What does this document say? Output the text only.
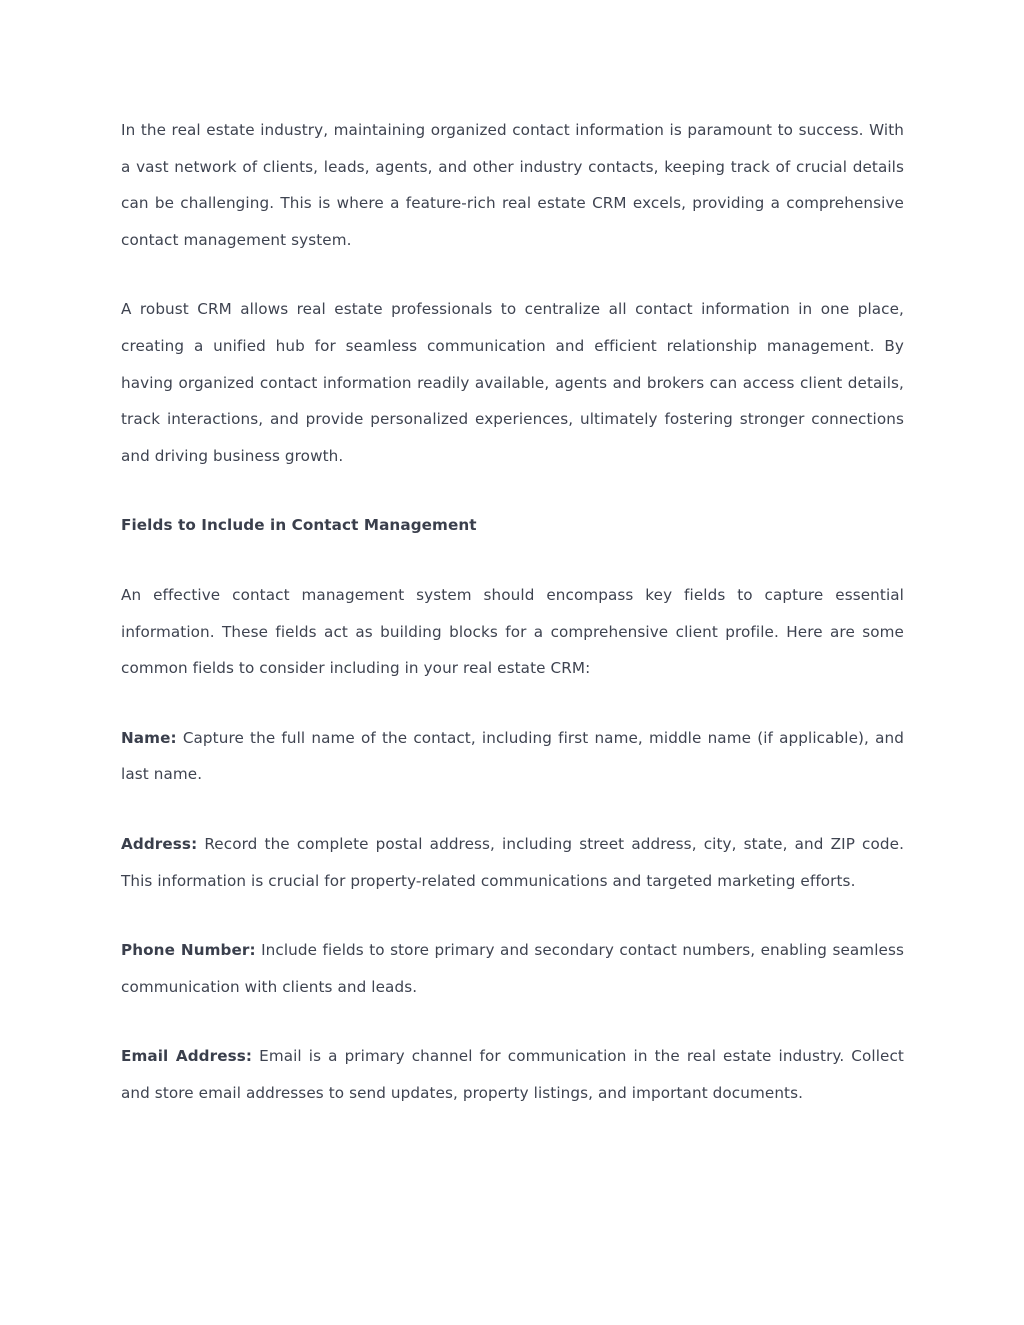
In the real estate industry, maintaining organized contact information is paramount to success. With a vast network of clients, leads, agents, and other industry contacts, keeping track of crucial details can be challenging. This is where a feature-rich real estate CRM excels, providing a comprehensive contact management system.

A robust CRM allows real estate professionals to centralize all contact information in one place, creating a unified hub for seamless communication and efficient relationship management. By having organized contact information readily available, agents and brokers can access client details, track interactions, and provide personalized experiences, ultimately fostering stronger connections and driving business growth.

Fields to Include in Contact Management

An effective contact management system should encompass key fields to capture essential information. These fields act as building blocks for a comprehensive client profile. Here are some common fields to consider including in your real estate CRM:

Name: Capture the full name of the contact, including first name, middle name (if applicable), and last name.

Address: Record the complete postal address, including street address, city, state, and ZIP code. This information is crucial for property-related communications and targeted marketing efforts.

Phone Number: Include fields to store primary and secondary contact numbers, enabling seamless communication with clients and leads.

Email Address: Email is a primary channel for communication in the real estate industry. Collect and store email addresses to send updates, property listings, and important documents.
